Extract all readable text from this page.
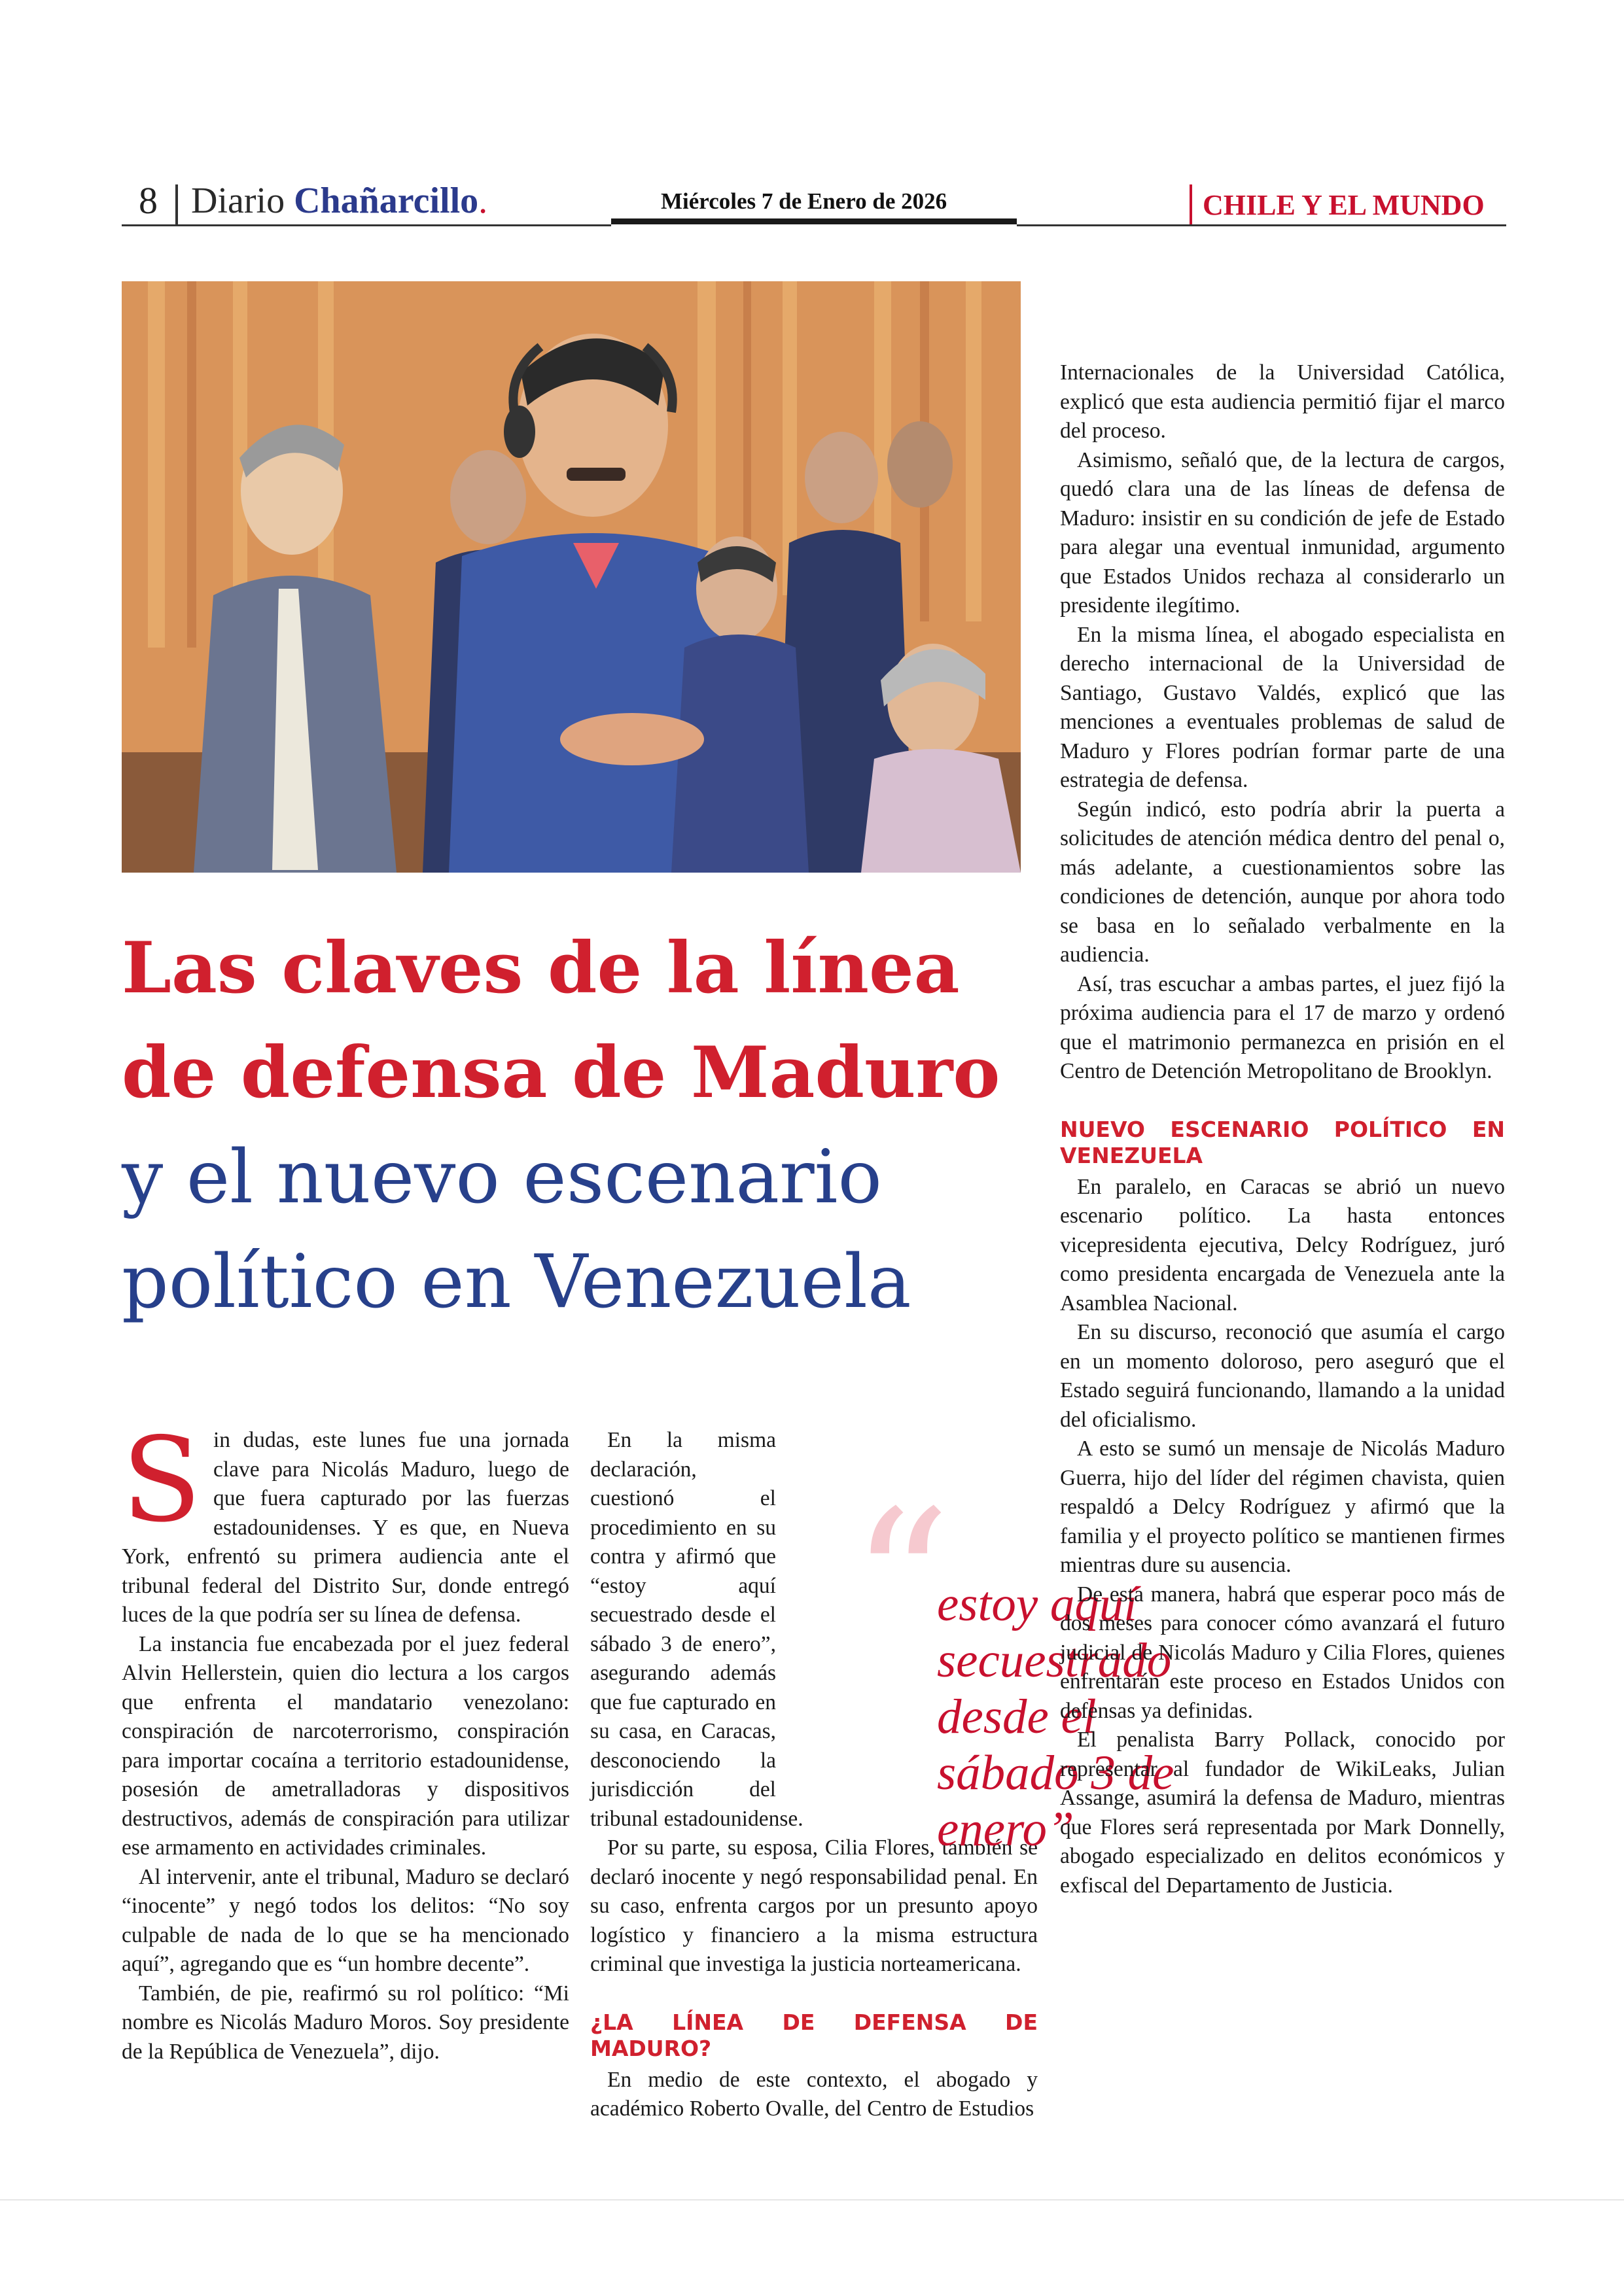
8 Diario Chañarcillo.	Miércoles 7 de Enero de 2026	CHILE Y EL MUNDO
Las claves de la línea
de defensa de Maduro
y el nuevo escenario
político en Venezuela

Sin dudas, este lunes fue una jornada clave para Nicolás Maduro, luego de que fuera capturado por las fuerzas estadounidenses. Y es que, en Nueva York, enfrentó su primera audiencia ante el tribunal federal del Distrito Sur, donde entregó luces de la que podría ser su línea de defensa.

La instancia fue encabezada por el juez federal Alvin Hellerstein, quien dio lectura a los cargos que enfrenta el mandatario venezolano: conspiración de narcoterrorismo, conspiración para importar cocaína a territorio estadounidense, posesión de ametralladoras y dispositivos destructivos, además de conspiración para utilizar ese armamento en actividades criminales.

Al intervenir, ante el tribunal, Maduro se declaró “inocente” y negó todos los delitos: “No soy culpable de nada de lo que se ha mencionado aquí”, agregando que es “un hombre decente”.

También, de pie, reafirmó su rol político: “Mi nombre es Nicolás Maduro Moros. Soy presidente de la República de Venezuela”, dijo.

En la misma declaración, cuestionó el procedimiento en su contra y afirmó que “estoy aquí secuestrado desde el sábado 3 de enero”, asegurando además que fue capturado en su casa, en Caracas, desconociendo la jurisdicción del tribunal estadounidense.

Por su parte, su esposa, Cilia Flores, también se declaró inocente y negó responsabilidad penal. En su caso, enfrenta cargos por un presunto apoyo logístico y financiero a la misma estructura criminal que investiga la justicia norteamericana.

¿LA LÍNEA DE DEFENSA DE MADURO?

En medio de este contexto, el abogado y académico Roberto Ovalle, del Centro de Estudios

“
estoy aquí secuestrado desde el sábado 3 de enero”

Internacionales de la Universidad Católica, explicó que esta audiencia permitió fijar el marco del proceso.

Asimismo, señaló que, de la lectura de cargos, quedó clara una de las líneas de defensa de Maduro: insistir en su condición de jefe de Estado para alegar una eventual inmunidad, argumento que Estados Unidos rechaza al considerarlo un presidente ilegítimo.

En la misma línea, el abogado especialista en derecho internacional de la Universidad de Santiago, Gustavo Valdés, explicó que las menciones a eventuales problemas de salud de Maduro y Flores podrían formar parte de una estrategia de defensa.

Según indicó, esto podría abrir la puerta a solicitudes de atención médica dentro del penal o, más adelante, a cuestionamientos sobre las condiciones de detención, aunque por ahora todo se basa en lo señalado verbalmente en la audiencia.

Así, tras escuchar a ambas partes, el juez fijó la próxima audiencia para el 17 de marzo y ordenó que el matrimonio permanezca en prisión en el Centro de Detención Metropolitano de Brooklyn.

NUEVO ESCENARIO POLÍTICO EN VENEZUELA

En paralelo, en Caracas se abrió un nuevo escenario político. La hasta entonces vicepresidenta ejecutiva, Delcy Rodríguez, juró como presidenta encargada de Venezuela ante la Asamblea Nacional.

En su discurso, reconoció que asumía el cargo en un momento doloroso, pero aseguró que el Estado seguirá funcionando, llamando a la unidad del oficialismo.

A esto se sumó un mensaje de Nicolás Maduro Guerra, hijo del líder del régimen chavista, quien respaldó a Delcy Rodríguez y afirmó que la familia y el proyecto político se mantienen firmes mientras dure su ausencia.

De esta manera, habrá que esperar poco más de dos meses para conocer cómo avanzará el futuro judicial de Nicolás Maduro y Cilia Flores, quienes enfrentarán este proceso en Estados Unidos con defensas ya definidas.

El penalista Barry Pollack, conocido por representar al fundador de WikiLeaks, Julian Assange, asumirá la defensa de Maduro, mientras que Flores será representada por Mark Donnelly, abogado especializado en delitos económicos y exfiscal del Departamento de Justicia.
